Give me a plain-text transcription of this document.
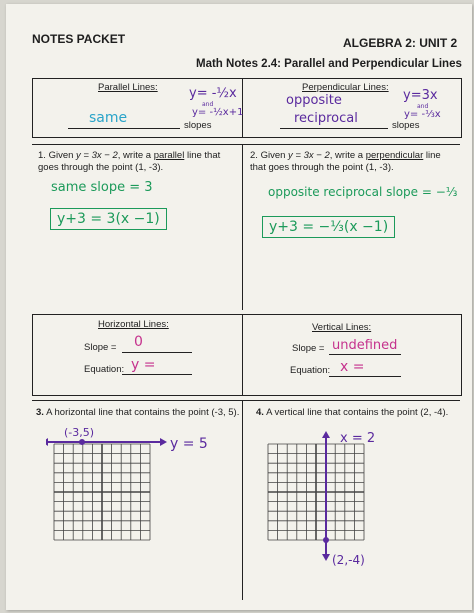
NOTES PACKET	ALGEBRA 2: UNIT 2
Math Notes 2.4: Parallel and Perpendicular Lines
Parallel Lines: y= -½x
and
y= -½x+1
same	slopes
Perpendicular Lines:
opposite
reciprocal	slopes
y=3x
and
y= -⅓x
1. Given y = 3x − 2, write a parallel line that goes through the point (1, -3).
same slope = 3
y+3 = 3(x −1)
2. Given y = 3x − 2, write a perpendicular line that goes through the point (1, -3).
opposite reciprocal slope = −⅓
y+3 = −⅓(x −1)
Horizontal Lines:
Slope = 0
Equation: y =
Vertical Lines:
Slope = undefined
Equation: x =
3. A horizontal line that contains the point (-3, 5). 4. A vertical line that contains the point (2, -4).
(-3,5)
y = 5	x = 2
(2,-4)
